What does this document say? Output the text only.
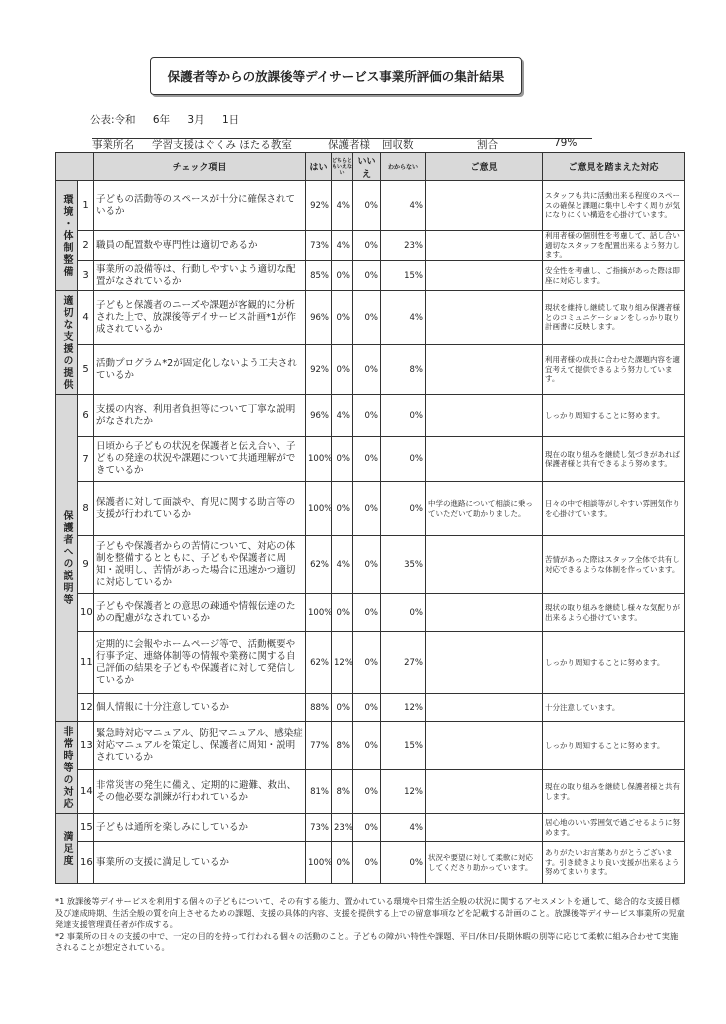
保護者等からの放課後等デイサービス事業所評価の集計結果
公表:令和 6年 3月 1日
事業所名 学習支援はぐくみ ほたる教室	保護者様 回収数	割合	79%
		チェック項目	はい	どちらともいえない	いいえ	わからない	ご意見	ご意見を踏まえた対応
環境・体制整備	1	子どもの活動等のスペースが十分に確保されているか	92%	4%	0%	4%		スタッフも共に活動出来る程度のスペースの確保と課題に集中しやすく周りが気になりにくい構造を心掛けています。
	2	職員の配置数や専門性は適切であるか	73%	4%	0%	23%		利用者様の個別性を考慮して、話し合い適切なスタッフを配置出来るよう努力します。
	3	事業所の設備等は、行動しやすいよう適切な配置がなされているか	85%	0%	0%	15%		安全性を考慮し、ご指摘があった際は即座に対応します。
適切な支援の提供	4	子どもと保護者のニーズや課題が客観的に分析された上で、放課後等デイサービス計画*1が作成されているか	96%	0%	0%	4%		現状を維持し継続して取り組み保護者様とのコミュニケーションをしっかり取り計画書に反映します。
	5	活動プログラム*2が固定化しないよう工夫されているか	92%	0%	0%	8%		利用者様の成長に合わせた課題内容を適宜考えて提供できるよう努力しています。
保護者への説明等	6	支援の内容、利用者負担等について丁寧な説明がなされたか	96%	4%	0%	0%		しっかり周知することに努めます。
	7	日頃から子どもの状況を保護者と伝え合い、子どもの発達の状況や課題について共通理解ができているか	100%	0%	0%	0%		現在の取り組みを継続し気づきがあれば保護者様と共有できるよう努めます。
	8	保護者に対して面談や、育児に関する助言等の支援が行われているか	100%	0%	0%	0%	中学の進路について相談に乗っていただいて助かりました。	日々の中で相談等がしやすい雰囲気作りを心掛けています。
	9	子どもや保護者からの苦情について、対応の体制を整備するとともに、子どもや保護者に周知・説明し、苦情があった場合に迅速かつ適切に対応しているか	62%	4%	0%	35%		苦情があった際はスタッフ全体で共有し対応できるような体制を作っています。
	10	子どもや保護者との意思の疎通や情報伝達のための配慮がなされているか	100%	0%	0%	0%		現状の取り組みを継続し様々な気配りが出来るよう心掛けています。
	11	定期的に会報やホームページ等で、活動概要や行事予定、連絡体制等の情報や業務に関する自己評価の結果を子どもや保護者に対して発信しているか	62%	12%	0%	27%		しっかり周知することに努めます。
	12	個人情報に十分注意しているか	88%	0%	0%	12%		十分注意しています。
非常時等の対応	13	緊急時対応マニュアル、防犯マニュアル、感染症対応マニュアルを策定し、保護者に周知・説明されているか	77%	8%	0%	15%		しっかり周知することに努めます。
	14	非常災害の発生に備え、定期的に避難、救出、その他必要な訓練が行われているか	81%	8%	0%	12%		現在の取り組みを継続し保護者様と共有します。
満足度	15	子どもは通所を楽しみにしているか	73%	23%	0%	4%		居心地のいい雰囲気で過ごせるように努めます。
	16	事業所の支援に満足しているか	100%	0%	0%	0%	状況や要望に対して柔軟に対応してくださり助かっています。	ありがたいお言葉ありがとうございます。引き続きより良い支援が出来るよう努めてまいります。
*1 放課後等デイサービスを利用する個々の子どもについて、その有する能力、置かれている環境や日常生活全般の状況に関するアセスメントを通して、総合的な支援目標及び達成時期、生活全般の質を向上させるための課題、支援の具体的内容、支援を提供する上での留意事項などを記載する計画のこと。放課後等デイサービス事業所の児童発達支援管理責任者が作成する。
*2 事業所の日々の支援の中で、一定の目的を持って行われる個々の活動のこと。子どもの障がい特性や課題、平日/休日/長期休暇の別等に応じて柔軟に組み合わせて実施されることが想定されている。
